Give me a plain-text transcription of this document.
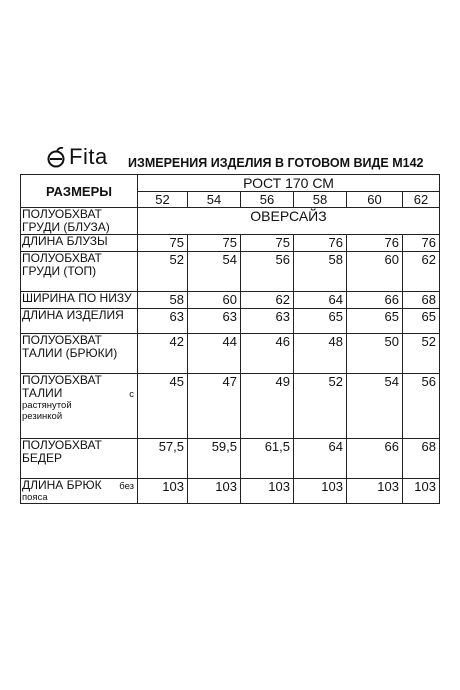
Fita ИЗМЕРЕНИЯ ИЗДЕЛИЯ В ГОТОВОМ ВИДЕ М142
РАЗМЕРЫ	РОСТ 170 СМ					
	52	54	56	58	60	62

ПОЛУОБХВАТ
ГРУДИ (БЛУЗА)	ОВЕРСАЙЗ					
ДЛИНА БЛУЗЫ	75	75	75	76	76	76

ПОЛУОБХВАТ
ГРУДИ (ТОП)	52	54	56	58	60	62
ШИРИНА ПО НИЗУ	58	60	62	64	66	68
ДЛИНА ИЗДЕЛИЯ	63	63	63	65	65	65

ПОЛУОБХВАТ
ТАЛИИ (БРЮКИ)	42	44	46	48	50	52

ПОЛУОБХВАТ
ТАЛИИ с
растянутой
резинкой	45	47	49	52	54	56

ПОЛУОБХВАТ
БЕДЕР	57,5	59,5	61,5	64	66	68

ДЛИНА БРЮК без
пояса	103	103	103	103	103	103
